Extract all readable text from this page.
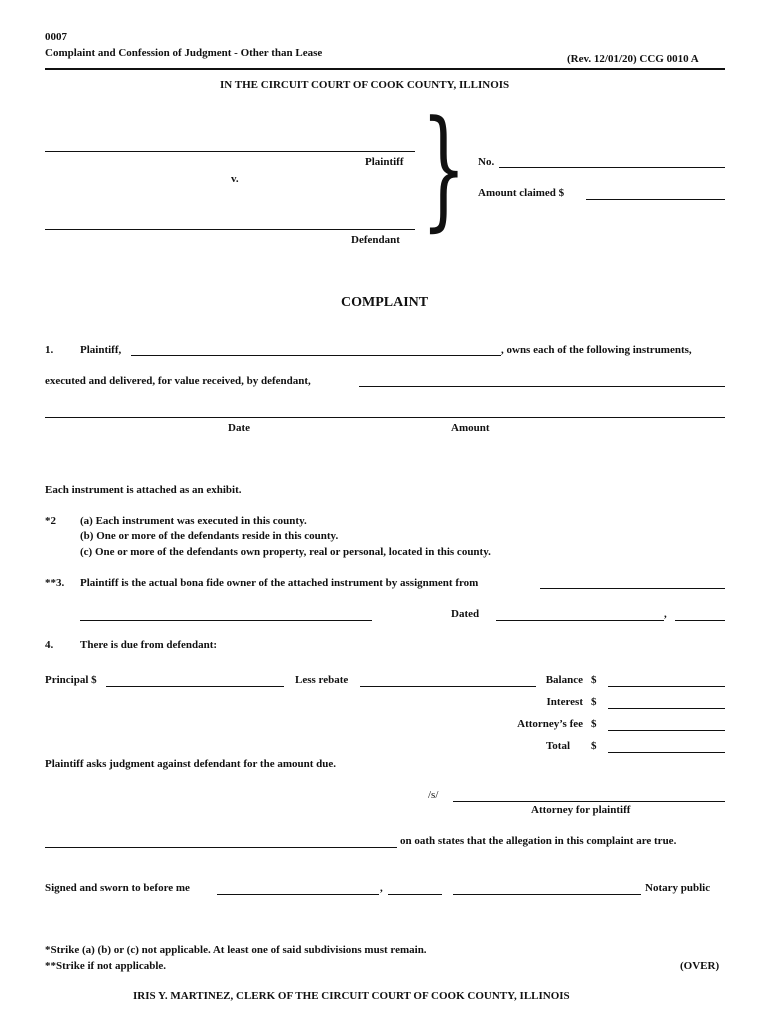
0007
Complaint and Confession of Judgment - Other than Lease	(Rev. 12/01/20) CCG 0010 A
IN THE CIRCUIT COURT OF COOK COUNTY, ILLINOIS
Plaintiff
v.
Defendant } No.
Amount claimed $
COMPLAINT
1. Plaintiff,	, owns each of the following instruments,
executed and delivered, for value received, by defendant,
Date	Amount
Each instrument is attached as an exhibit.
*2 (a) Each instrument was executed in this county.
(b) One or more of the defendants reside in this county.
(c) One or more of the defendants own property, real or personal, located in this county.
**3. Plaintiff is the actual bona fide owner of the attached instrument by assignment from
Dated	,
4. There is due from defendant:
Principal $	Less rebate	Balance $
Interest $
Attorney’s fee $
Total $
Plaintiff asks judgment against defendant for the amount due.
/s/
Attorney for plaintiff
on oath states that the allegation in this complaint are true.
Signed and sworn to before me	,	Notary public
*Strike (a) (b) or (c) not applicable. At least one of said subdivisions must remain.
**Strike if not applicable.	(OVER)
IRIS Y. MARTINEZ, CLERK OF THE CIRCUIT COURT OF COOK COUNTY, ILLINOIS
